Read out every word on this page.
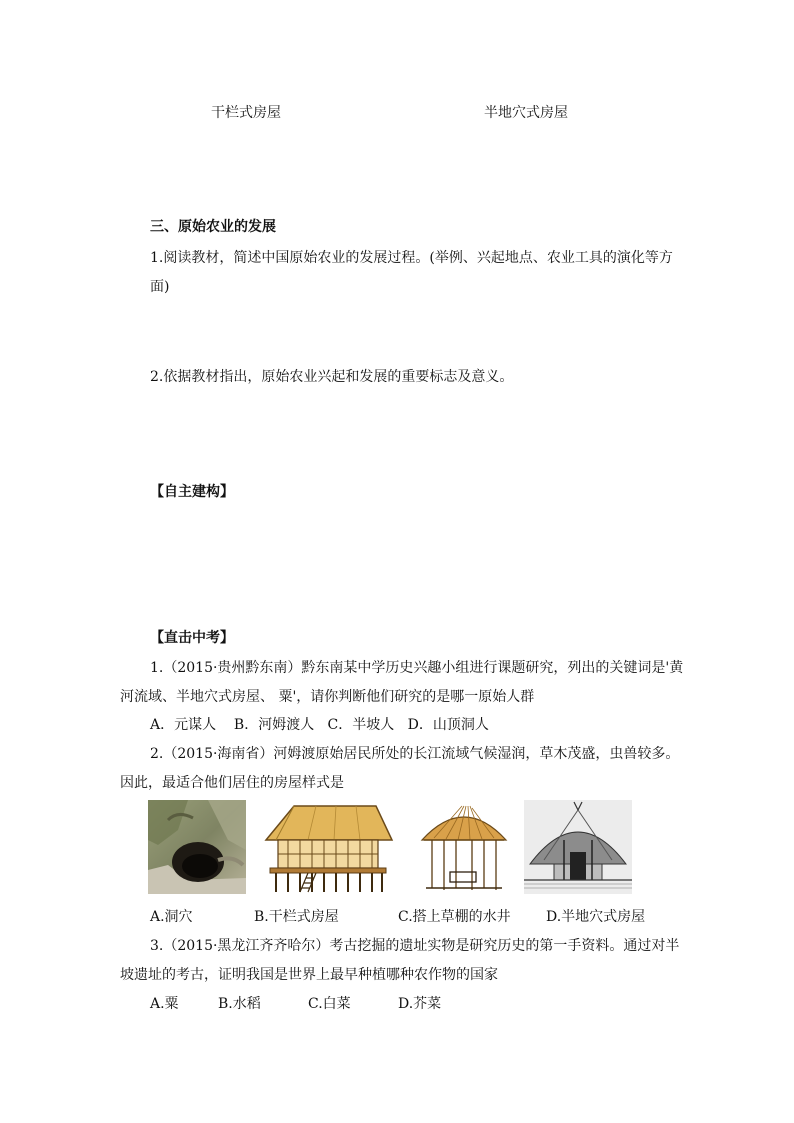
干栏式房屋	半地穴式房屋
三、原始农业的发展
1.阅读教材，简述中国原始农业的发展过程。(举例、兴起地点、农业工具的演化等方
面)
2.依据教材指出，原始农业兴起和发展的重要标志及意义。
【自主建构】
【直击中考】
1.（2015·贵州黔东南）黔东南某中学历史兴趣小组进行课题研究，列出的关键词是'黄
河流域、半地穴式房屋、 粟'，请你判断他们研究的是哪一原始人群
A．元谋人    B．河姆渡人   C．半坡人   D．山顶洞人
2.（2015·海南省）河姆渡原始居民所处的长江流域气候湿润，草木茂盛，虫兽较多。
因此，最适合他们居住的房屋样式是
A.洞穴	B.干栏式房屋	C.搭上草棚的水井	D.半地穴式房屋
3.（2015·黑龙江齐齐哈尔）考古挖掘的遗址实物是研究历史的第一手资料。通过对半
坡遗址的考古，证明我国是世界上最早种植哪种农作物的国家
A.粟	B.水稻	C.白菜	D.芥菜
